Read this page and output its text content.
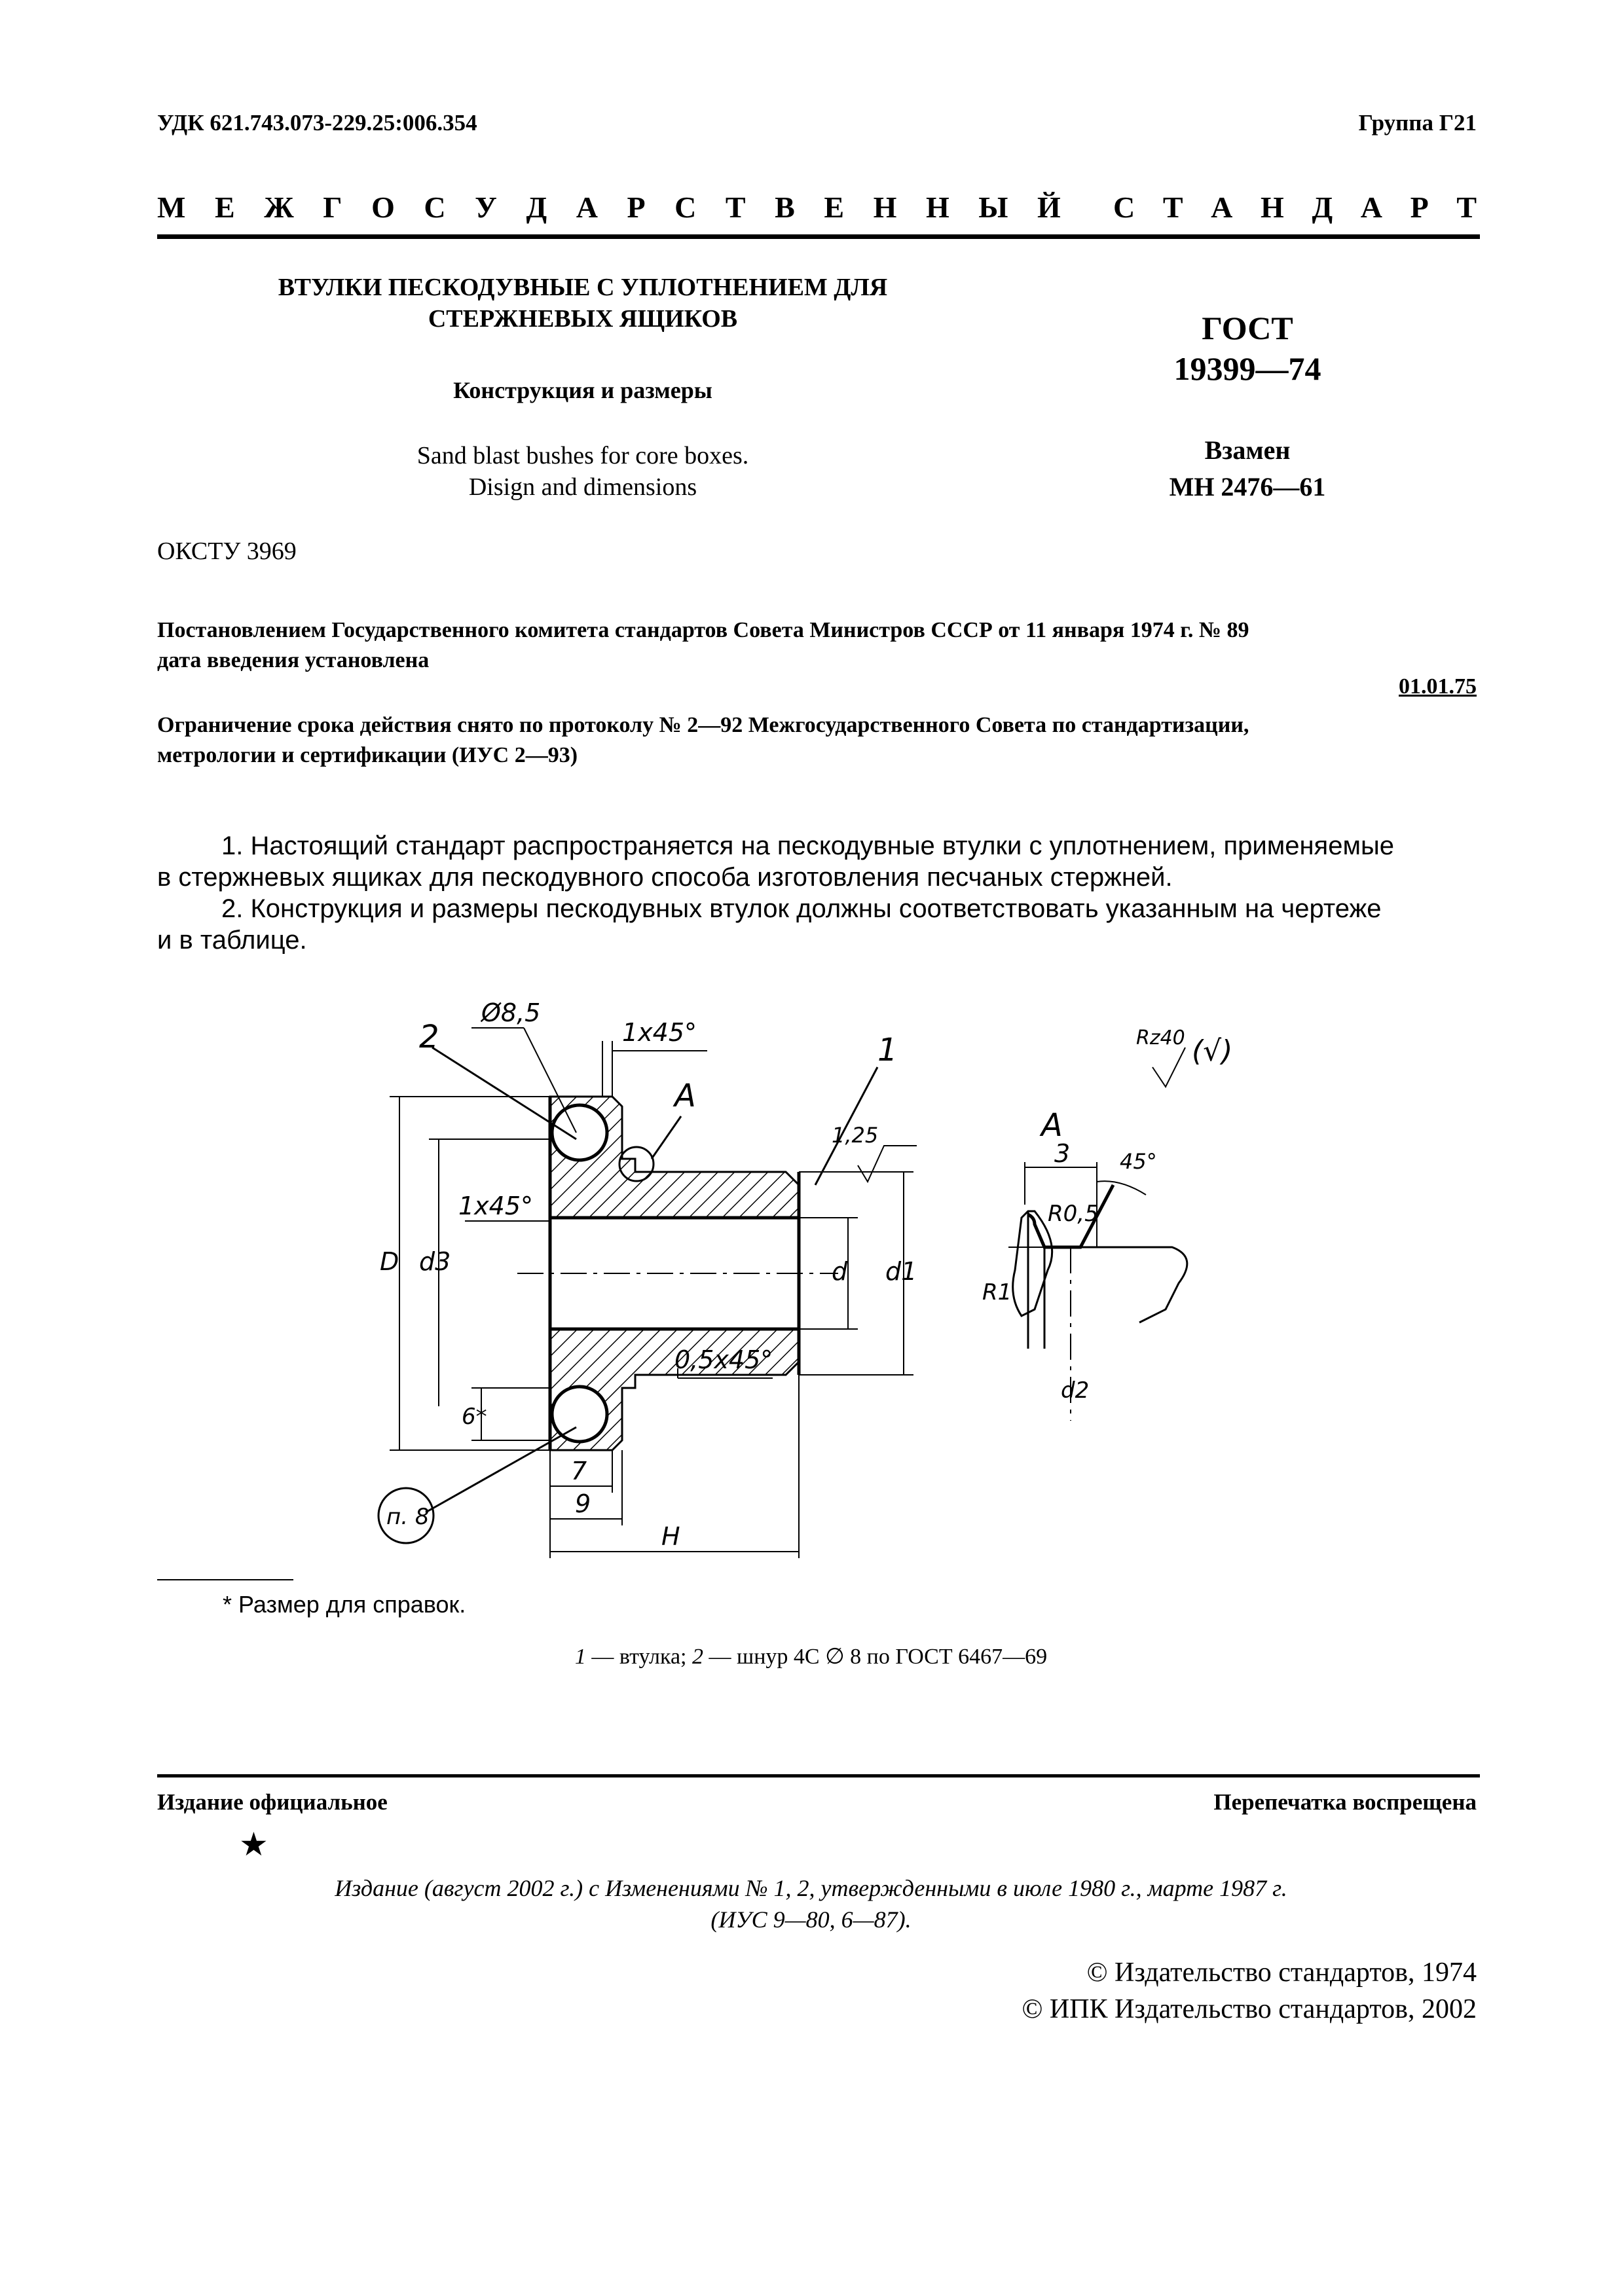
УДК 621.743.073-229.25:006.354	Группа Г21
М Е Ж Г О С У Д А Р С Т В Е Н Н Ы Й С Т А Н Д А Р Т
ВТУЛКИ ПЕСКОДУВНЫЕ С УПЛОТНЕНИЕМ ДЛЯ
СТЕРЖНЕВЫХ ЯЩИКОВ
Конструкция и размеры
Sand blast bushes for core boxes.
Disign and dimensions
ГОСТ
19399—74
Взамен
МН 2476—61
ОКСТУ 3969
Постановлением Государственного комитета стандартов Совета Министров СССР от 11 января 1974 г. № 89
дата введения установлена
01.01.75
Ограничение срока действия снято по протоколу № 2—92 Межгосударственного Совета по стандартизации,
метрологии и сертификации (ИУС 2—93)
1. Настоящий стандарт распространяется на пескодувные втулки с уплотнением, применяемые
в стержневых ящиках для пескодувного способа изготовления песчаных стержней.
2. Конструкция и размеры пескодувных втулок должны соответствовать указанным на чертеже
и в таблице.
Ø8,5
1x45°
2	1
A
1,25
1x45°
0,5x45°
D d3
6*
d d1
7
9
H
п. 8
Rz40 (√)
A
3 45°
R0,5
R1
d2
* Размер для справок.
1 — втулка; 2 — шнур 4С ∅ 8 по ГОСТ 6467—69
Издание официальное	Перепечатка воспрещена
★
Издание (август 2002 г.) с Изменениями № 1, 2, утвержденными в июле 1980 г., марте 1987 г.
(ИУС 9—80, 6—87).
© Издательство стандартов, 1974
© ИПК Издательство стандартов, 2002
